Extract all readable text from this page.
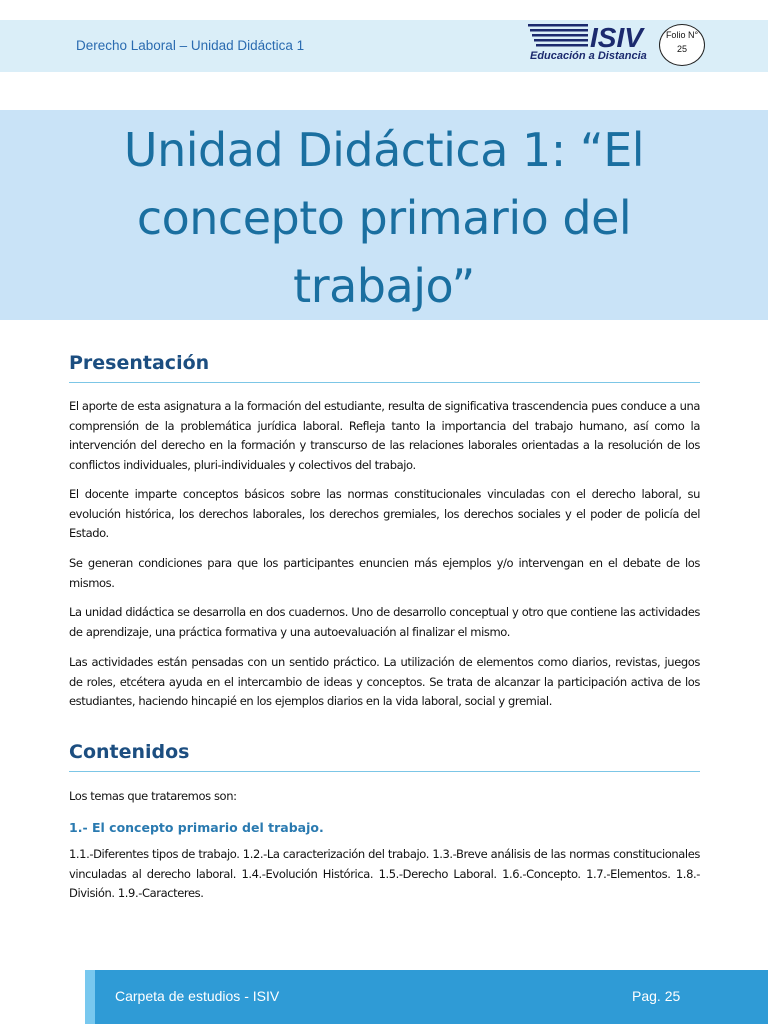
Derecho Laboral – Unidad Didáctica 1	ISIV
Educación a Distancia
Folio N°
25
Unidad Didáctica 1: “El concepto primario del trabajo”
Presentación
El aporte de esta asignatura a la formación del estudiante, resulta de significativa trascendencia pues conduce a una comprensión de la problemática jurídica laboral. Refleja tanto la importancia del trabajo humano, así como la intervención del derecho en la formación y transcurso de las relaciones laborales orientadas a la resolución de los conflictos individuales, pluri-individuales y colectivos del trabajo.
El docente imparte conceptos básicos sobre las normas constitucionales vinculadas con el derecho laboral, su evolución histórica, los derechos laborales, los derechos gremiales, los derechos sociales y el poder de policía del Estado.
Se generan condiciones para que los participantes enuncien más ejemplos y/o intervengan en el debate de los mismos.
La unidad didáctica se desarrolla en dos cuadernos. Uno de desarrollo conceptual y otro que contiene las actividades de aprendizaje, una práctica formativa y una autoevaluación al finalizar el mismo.
Las actividades están pensadas con un sentido práctico. La utilización de elementos como diarios, revistas, juegos de roles, etcétera ayuda en el intercambio de ideas y conceptos. Se trata de alcanzar la participación activa de los estudiantes, haciendo hincapié en los ejemplos diarios en la vida laboral, social y gremial.
Contenidos
Los temas que trataremos son:
1.- El concepto primario del trabajo.
1.1.-Diferentes tipos de trabajo. 1.2.-La caracterización del trabajo. 1.3.-Breve análisis de las normas constitucionales vinculadas al derecho laboral. 1.4.-Evolución Histórica. 1.5.-Derecho Laboral. 1.6.-Concepto. 1.7.-Elementos. 1.8.-División. 1.9.-Caracteres.
Carpeta de estudios - ISIV	Pag. 25
